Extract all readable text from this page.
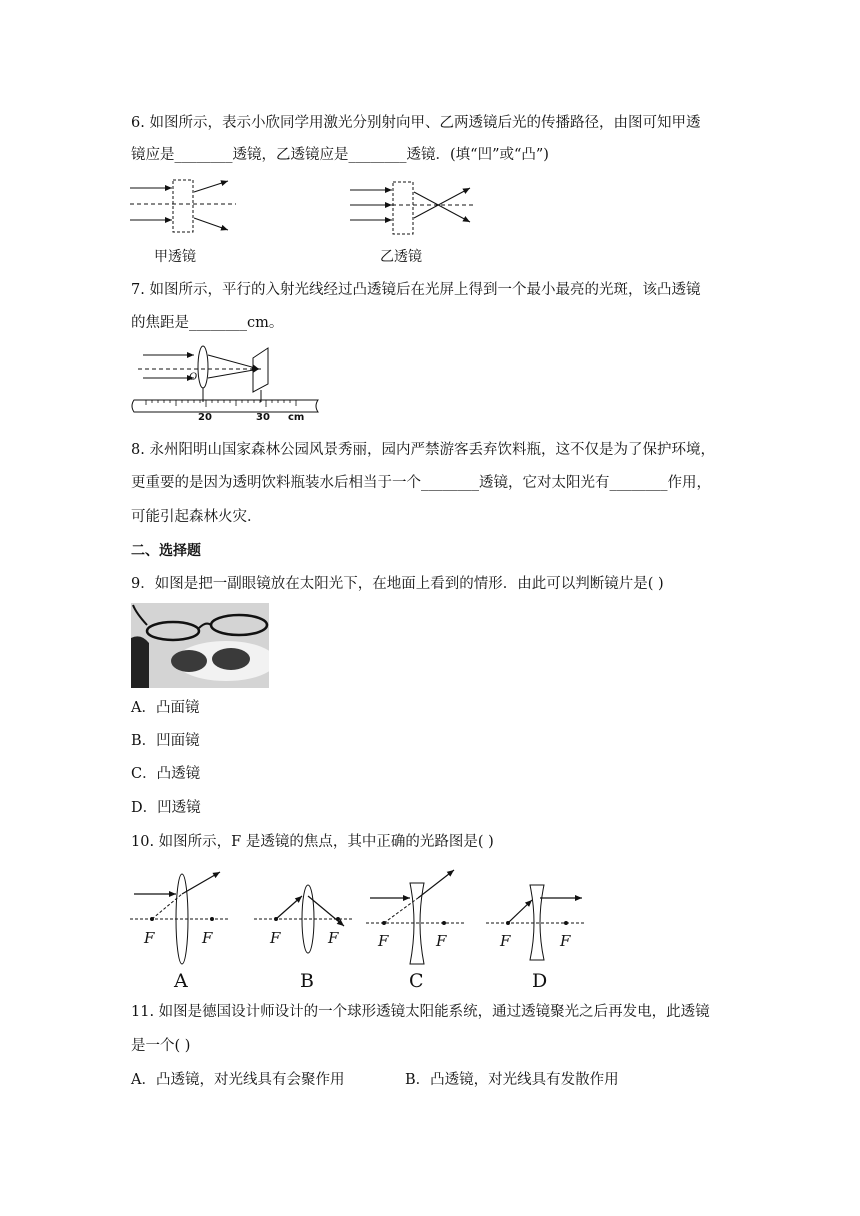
6. 如图所示，表示小欣同学用激光分别射向甲、乙两透镜后光的传播路径，由图可知甲透
镜应是________透镜，乙透镜应是________透镜．(填“凹”或“凸”)
甲透镜	乙透镜
7. 如图所示，平行的入射光线经过凸透镜后在光屏上得到一个最小最亮的光斑，该凸透镜
的焦距是________cm。
O
20	30 cm
8. 永州阳明山国家森林公园风景秀丽，园内严禁游客丢弃饮料瓶，这不仅是为了保护环境，
更重要的是因为透明饮料瓶装水后相当于一个________透镜，它对太阳光有________作用，
可能引起森林火灾．
二、选择题
9．如图是把一副眼镜放在太阳光下，在地面上看到的情形．由此可以判断镜片是( )
A．凸面镜
B．凹面镜
C．凸透镜
D．凹透镜
10. 如图所示，F 是透镜的焦点，其中正确的光路图是( )
F	F
A
F	F
B
F	F
C
F	F
D
11. 如图是德国设计师设计的一个球形透镜太阳能系统，通过透镜聚光之后再发电，此透镜
是一个( )
A．凸透镜，对光线具有会聚作用	B．凸透镜，对光线具有发散作用
